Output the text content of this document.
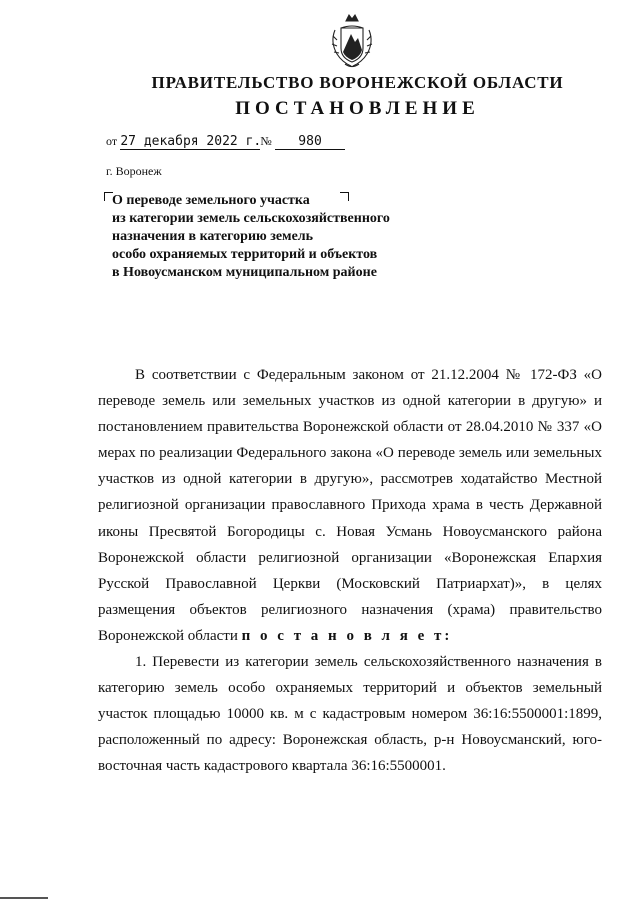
ПРАВИТЕЛЬСТВО ВОРОНЕЖСКОЙ ОБЛАСТИ
ПОСТАНОВЛЕНИЕ
от 27 декабря 2022 г.№ 980
г. Воронеж
О переводе земельного участка
из категории земель сельскохозяйственного
назначения в категорию земель
особо охраняемых территорий и объектов
в Новоусманском муниципальном районе

В соответствии с Федеральным законом от 21.12.2004 № 172-ФЗ «О переводе земель или земельных участков из одной категории в другую» и постановлением правительства Воронежской области от 28.04.2010 № 337 «О мерах по реализации Федерального закона «О переводе земель или земельных участков из одной категории в другую», рассмотрев ходатайство Местной религиозной организации православного Прихода храма в честь Державной иконы Пресвятой Богородицы с. Новая Усмань Новоусманского района Воронежской области религиозной организации «Воронежская Епархия Русской Православной Церкви (Московский Патриархат)», в целях размещения объектов религиозного назначения (храма) правительство Воронежской области п о с т а н о в л я е т:

1. Перевести из категории земель сельскохозяйственного назначения в категорию земель особо охраняемых территорий и объектов земельный участок площадью 10000 кв. м с кадастровым номером 36:16:5500001:1899, расположенный по адресу: Воронежская область, р-н Новоусманский, юго-восточная часть кадастрового квартала 36:16:5500001.
